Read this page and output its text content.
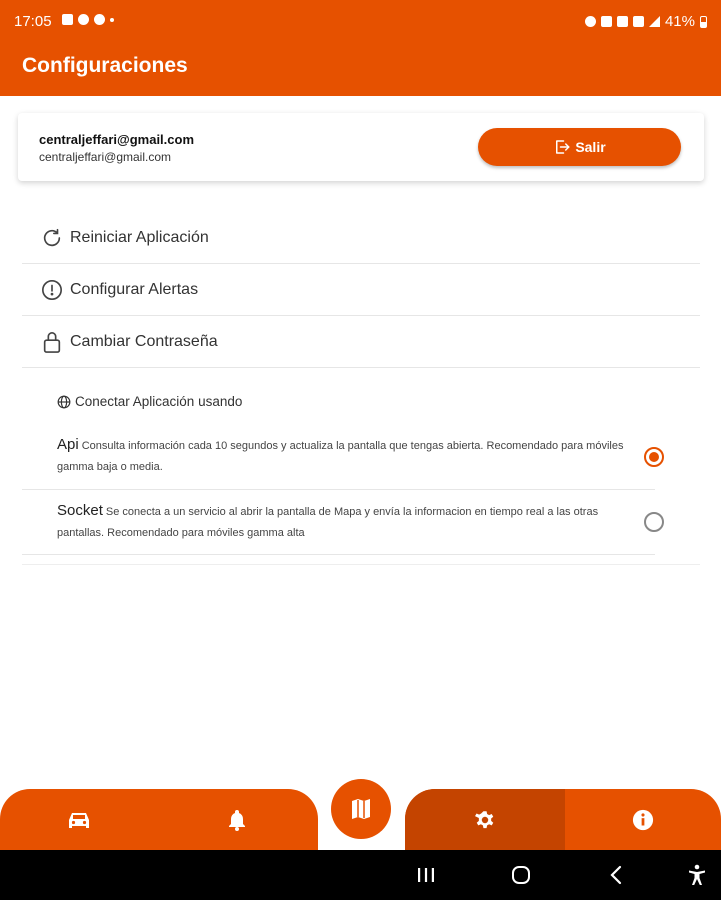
17:05	41%
Configuraciones
centraljeffari@gmail.com
centraljeffari@gmail.com
Salir
Reiniciar Aplicación
Configurar Alertas
Cambiar Contraseña
Conectar Aplicación usando
Api Consulta información cada 10 segundos y actualiza la pantalla que tengas abierta. Recomendado para móviles gamma baja o media.
Socket Se conecta a un servicio al abrir la pantalla de Mapa y envía la informacion en tiempo real a las otras pantallas. Recomendado para móviles gamma alta
